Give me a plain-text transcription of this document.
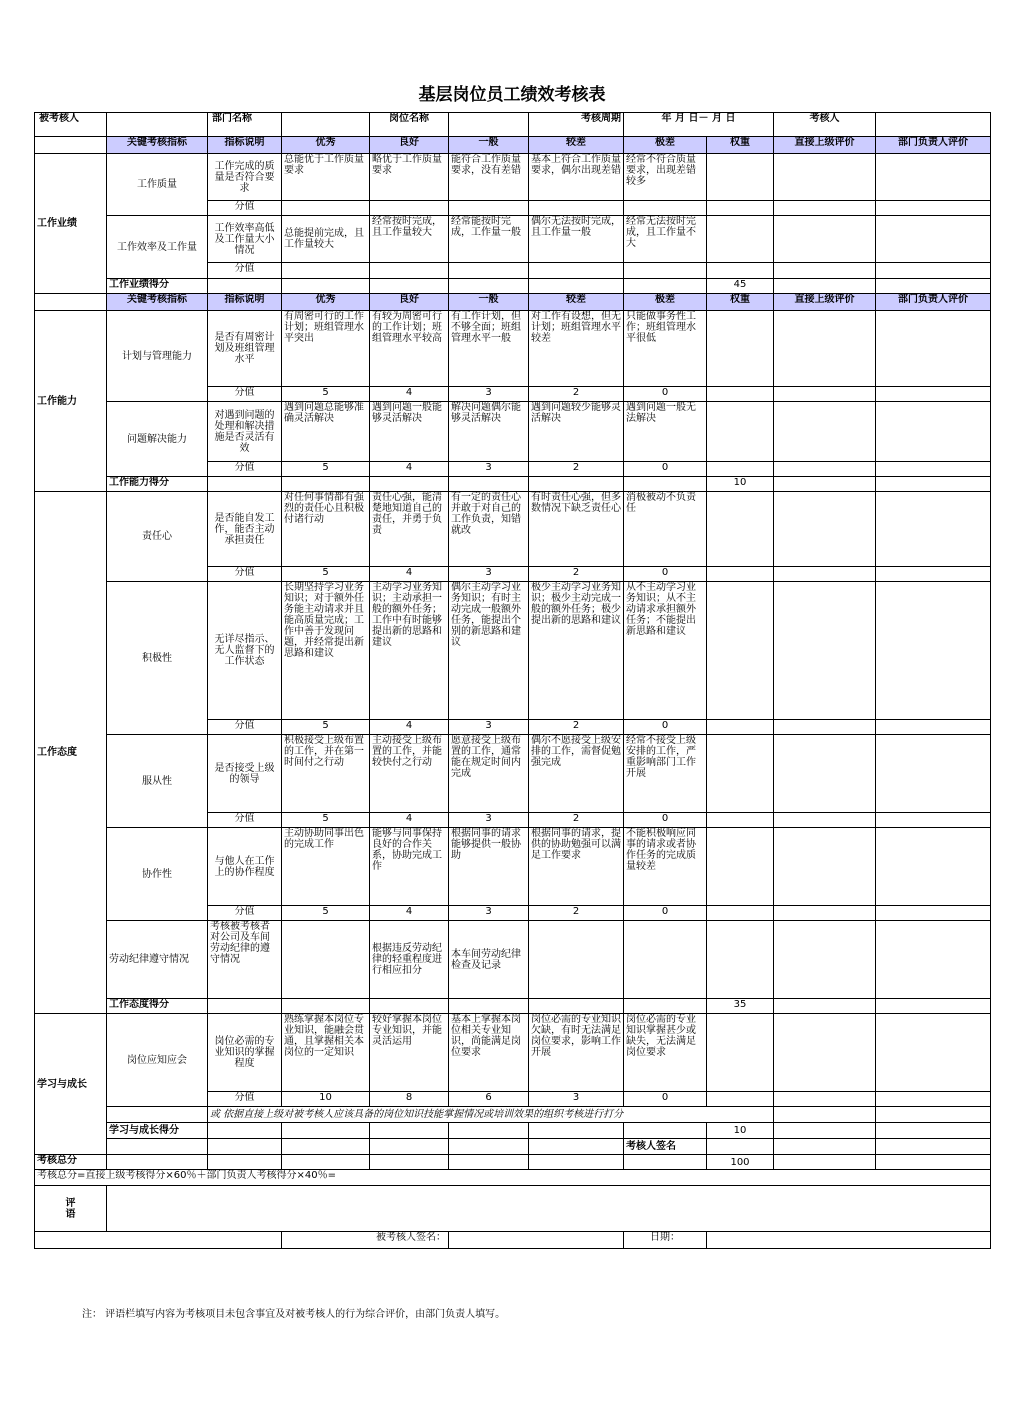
基层岗位员工绩效考核表
被考核人		部门名称		岗位名称		考核周期	年 月 日－ 月 日		考核人	
	关键考核指标	指标说明	优秀	良好	一般	较差	极差	权重	直接上级评价	部门负责人评价
工作业绩	工作质量	工作完成的质量是否符合要求	总能优于工作质量要求	略优于工作质量要求	能符合工作质量要求，没有差错	基本上符合工作质量要求，偶尔出现差错	经常不符合质量要求，出现差错较多			
		分值								
	工作效率及工作量	工作效率高低及工作量大小情况	总能提前完成，且工作量较大	经常按时完成，且工作量较大	经常能按时完成，工作量一般	偶尔无法按时完成，且工作量一般	经常无法按时完成，且工作量不大			
		分值								
	工作业绩得分							45		
	关键考核指标	指标说明	优秀	良好	一般	较差	极差	权重	直接上级评价	部门负责人评价
工作能力	计划与管理能力	是否有周密计划及班组管理水平	有周密可行的工作计划；班组管理水平突出	有较为周密可行的工作计划；班组管理水平较高	有工作计划，但不够全面；班组管理水平一般	对工作有设想，但无计划；班组管理水平较差	只能做事务性工作；班组管理水平很低			
		分值	5	4	3	2	0			
	问题解决能力	对遇到问题的处理和解决措施是否灵活有效	遇到问题总能够准确灵活解决	遇到问题一般能够灵活解决	解决问题偶尔能够灵活解决	遇到问题较少能够灵活解决	遇到问题一般无法解决			
		分值	5	4	3	2	0			
	工作能力得分							10		
工作态度	责任心	是否能自发工作，能否主动承担责任	对任何事情都有强烈的责任心且积极付诸行动	责任心强，能清楚地知道自己的责任，并勇于负责	有一定的责任心并敢于对自己的工作负责，知错就改	有时责任心强，但多数情况下缺乏责任心	消极被动不负责任			
		分值	5	4	3	2	0			
	积极性	无详尽指示、无人监督下的工作状态	长期坚持学习业务知识；对于额外任务能主动请求并且能高质量完成；工作中善于发现问题，并经常提出新思路和建议	主动学习业务知识；主动承担一般的额外任务；工作中有时能够提出新的思路和建议	偶尔主动学习业务知识；有时主动完成一般额外任务，能提出个别的新思路和建议	极少主动学习业务知识；极少主动完成一般的额外任务；极少提出新的思路和建议	从不主动学习业务知识；从不主动请求承担额外任务；不能提出新思路和建议			
		分值	5	4	3	2	0			
	服从性	是否接受上级的领导	积极接受上级布置的工作，并在第一时间付之行动	主动接受上级布置的工作，并能较快付之行动	愿意接受上级布置的工作，通常能在规定时间内完成	偶尔不愿接受上级安排的工作，需督促勉强完成	经常不接受上级安排的工作，严重影响部门工作开展			
		分值	5	4	3	2	0			
	协作性	与他人在工作上的协作程度	主动协助同事出色的完成工作	能够与同事保持良好的合作关系，协助完成工作	根据同事的请求能够提供一般协助	根据同事的请求，提供的协助勉强可以满足工作要求	不能积极响应同事的请求或者协作任务的完成质量较差			
		分值	5	4	3	2	0			
	劳动纪律遵守情况	考核被考核者对公司及车间劳动纪律的遵守情况		根据违反劳动纪律的轻重程度进行相应扣分	本车间劳动纪律检查及记录					
	工作态度得分							35		
学习与成长	岗位应知应会	岗位必需的专业知识的掌握程度	熟练掌握本岗位专业知识，能融会贯通，且掌握相关本岗位的一定知识	较好掌握本岗位专业知识，并能灵活运用	基本上掌握本岗位相关专业知识，尚能满足岗位要求	岗位必需的专业知识欠缺，有时无法满足岗位要求，影响工作开展	岗位必需的专业知识掌握甚少或缺失，无法满足岗位要求			
		分值	10	8	6	3	0			
		或 依据直接上级对被考核人应该具备的岗位知识技能掌握情况或培训效果的组织考核进行打分								
	学习与成长得分							10		
							考核人签名			
考核总分								100		
考核总分=直接上级考核得分×60％＋部门负责人考核得分×40％=										
评
语										
			被考核人签名：				日期：			
注： 评语栏填写内容为考核项目未包含事宜及对被考核人的行为综合评价，由部门负责人填写。
